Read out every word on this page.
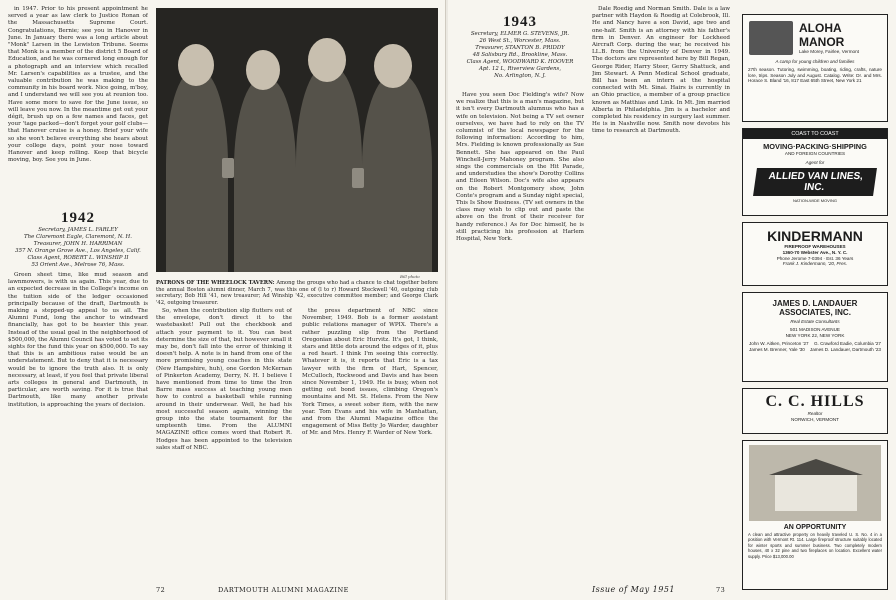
in 1947. Prior to his present appointment he served a year as law clerk to Justice Ronan of the Massachusetts Supreme Court. Congratulations, Bernie; see you in Hanover in June. In January there was a long article about "Monk" Larsen in the Lewiston Tribune. Seems that Monk is a member of the district 5 Board of Education, and he was cornered long enough for a photograph and an interview which recalled Mr. Larsen's capabilities as a trustee, and the valuable contribution he was making to the community in his board work. Nice going, m'boy, and I understand we will see you at reunion too. Have some more to save for the June issue, so will leave you now. In the meantime get out your dégit, brush up on a few names and faces, get your 'tage packed—don't forget your golf clubs—that Hanover cruise is a honey. Brief your wife so she won't believe everything she hears about your college days, point your nose toward Hanover and keep rolling. Keep that bicycle moving, boy. See you in June.

1942
Secretary, JAMES L. FARLEY
The Claremont Eagle, Claremont, N. H.
Treasurer, JOHN H. HARRIMAN
357 N. Orange Grove Ave., Los Angeles, Calif.
Class Agent, ROBERT L. WINSHIP II
53 Orient Ave., Melrose 76, Mass.

Green sheet time, like mud season and lawnmowers, is with us again. This year, due to an expected decrease in the College's income on the tuition side of the ledger occasioned principally because of the draft, Dartmouth is making a stepped-up appeal to us all. The Alumni Fund, long the anchor to windward financially, has got to be heavier this year. Instead of the usual goal in the neighborhood of $500,000, the Alumni Council has voted to set its sights for the fund this year on $500,000. To say that this is an ambitious raise would be an understatement. But to deny that it is necessary would be to ignore the truth also. It is only necessary, at least, if you feel that private liberal arts colleges in general and Dartmouth, in particular, are worth saving. For it is true that Dartmouth, like many another private institution, is approaching the years of decision.

Bill photo
PATRONS OF THE WHEELOCK TAVERN: Among the groups who had a chance to chat together before the annual Boston alumni dinner, March 7, was this one of (l to r) Howard Steckwell '40, outgoing club secretary; Bob Hill '41, new treasurer; Ad Winship '42, executive committee member; and George Clark '42, outgoing treasurer.

So, when the contribution slip flutters out of the envelope, don't direct it to the wastebasket! Pull out the checkbook and attach your payment to it. You can best determine the size of that, but however small it may be, don't fall into the error of thinking it doesn't help. A note is in hand from one of the more promising young coaches in this state (New Hampshire, huh), one Gordon McKernan of Pinkerton Academy, Derry, N. H. I believe I have mentioned from time to time the Iron Barre mass success at teaching young men how to control a basketball while running around in their underwear. Well, he had his most successful season again, winning the group into the state tournament for the umpteenth time. From the ALUMNI MAGAZINE office comes word that Robert R. Hodges has been appointed to the television sales staff of NBC.

the press department of NBC since November, 1949. Bob is a former assistant public relations manager of WPIX. There's a rather puzzling slip from the Portland Oregonian about Eric Hurvitz. It's got, I think, stars and little dots around the edges of it, plus a red heart. I think I'm seeing this correctly. Whatever it is, it reports that Eric is a tax lawyer with the firm of Hart, Spencer, McCulloch, Rockwood and Davis and has been since November 1, 1949. He is busy, when not getting out bond issues, climbing Oregon's mountains and Mt. St. Helens. From the New York Times, a sweet sober item, with the new year. Tom Evans and his wife in Manhattan, and from the Alumni Magazine office the engagement of Miss Betty Jo Warder, daughter of Mr. and Mrs. Henry F. Warder of New York.

72	DARTMOUTH ALUMNI MAGAZINE
1943
Secretary, ELMER G. STEVENS, JR.
26 West St., Worcester, Mass.
Treasurer, STANTON B. PRIDDY
48 Salisbury Rd., Brookline, Mass.
Class Agent, WOODWARD K. HOOVER
Apt. 12 L, Riverview Gardens,
No. Arlington, N. J.

Have you seen Doc Fielding's wife? Now we realize that this is a man's magazine, but it isn't every Dartmouth alumnus who has a wife on television. Not being a TV set owner ourselves, we have had to rely on the TV columnist of the local newspaper for the following information: According to him, Mrs. Fielding is known professionally as Sue Bennett. She has appeared on the Paul Winchell-Jerry Mahoney program. She also sings the commercials on the Hit Parade, and understudies the show's Dorothy Collins and Eileen Wilson. Doc's wife also appears on the Robert Montgomery show, John Conte's program and a Sunday night special, This Is Show Business. (TV set owners in the class may wish to clip out and paste the above on the front of their receiver for handy reference.) As for Doc himself, he is still practicing his profession at Harlem Hospital, New York.

Dale Roedig and Norman Smith. Dale is a law partner with Haydon & Roedig at Colebrook, Ill. He and Nancy have a son David, age two and one-half. Smith is an attorney with his father's firm in Denver. An engineer for Lockheed Aircraft Corp. during the war, he received his LL.B. from the University of Denver in 1949. The doctors are represented here by Bill Regan, George Rider, Harry Steer, Gerry Shattuck, and Jim Stewart. A Penn Medical School graduate, Bill has been an intern at the hospital connected with Mt. Sinai. Hairs is currently in an Ohio practice, a member of a group practice known as Matthias and Link. In Mt. Jim married Alberta in Philadelphia. Jim is a bachelor and completed his residency in surgery last summer. He is in Nashville now. Smith now devotes his time to research at Dartmouth.

ALOHA MANOR
Lake Morey, Fairlee, Vermont
A camp for young children and families
27th season. Tutoring, swimming, boating, riding, crafts, nature lore, trips. Season July and August. Catalog. Write: Dr. and Mrs. Horace S. Bland '16, 817 East 65th Street, New York 21
COAST TO COAST
MOVING·PACKING·SHIPPING
AND FOREIGN COUNTRIES
Agent for
ALLIED VAN LINES, INC.
NATION-WIDE MOVING
KINDERMANN
FIREPROOF WAREHOUSES
1360-70 Webster Ave., N. Y. C.
Phone Jerome 7-0394 · Est. 36 Years
Frank J. Kindermann, '20, Pres.
JAMES D. LANDAUER ASSOCIATES, INC.
Real Estate Consultants
501 MADISON AVENUE
NEW YORK 22, NEW YORK
John W. Aitken, Princeton '27 G. Crawford Eadie, Columbia '27
James M. Brenner, Yale '30 James D. Landauer, Dartmouth '23
C. C. HILLS
Realtor
NORWICH, VERMONT
AN OPPORTUNITY
A clean and attractive property on heavily traveled U. S. No. 4 in a position with Vermont Rt. 114. Large fireproof structure suitably located for winter sports and summer business. Two completely modern houses, 40 x 32 pine and two fireplaces on location. Excellent water supply. Price $13,000.00
Issue of May 1951	73
